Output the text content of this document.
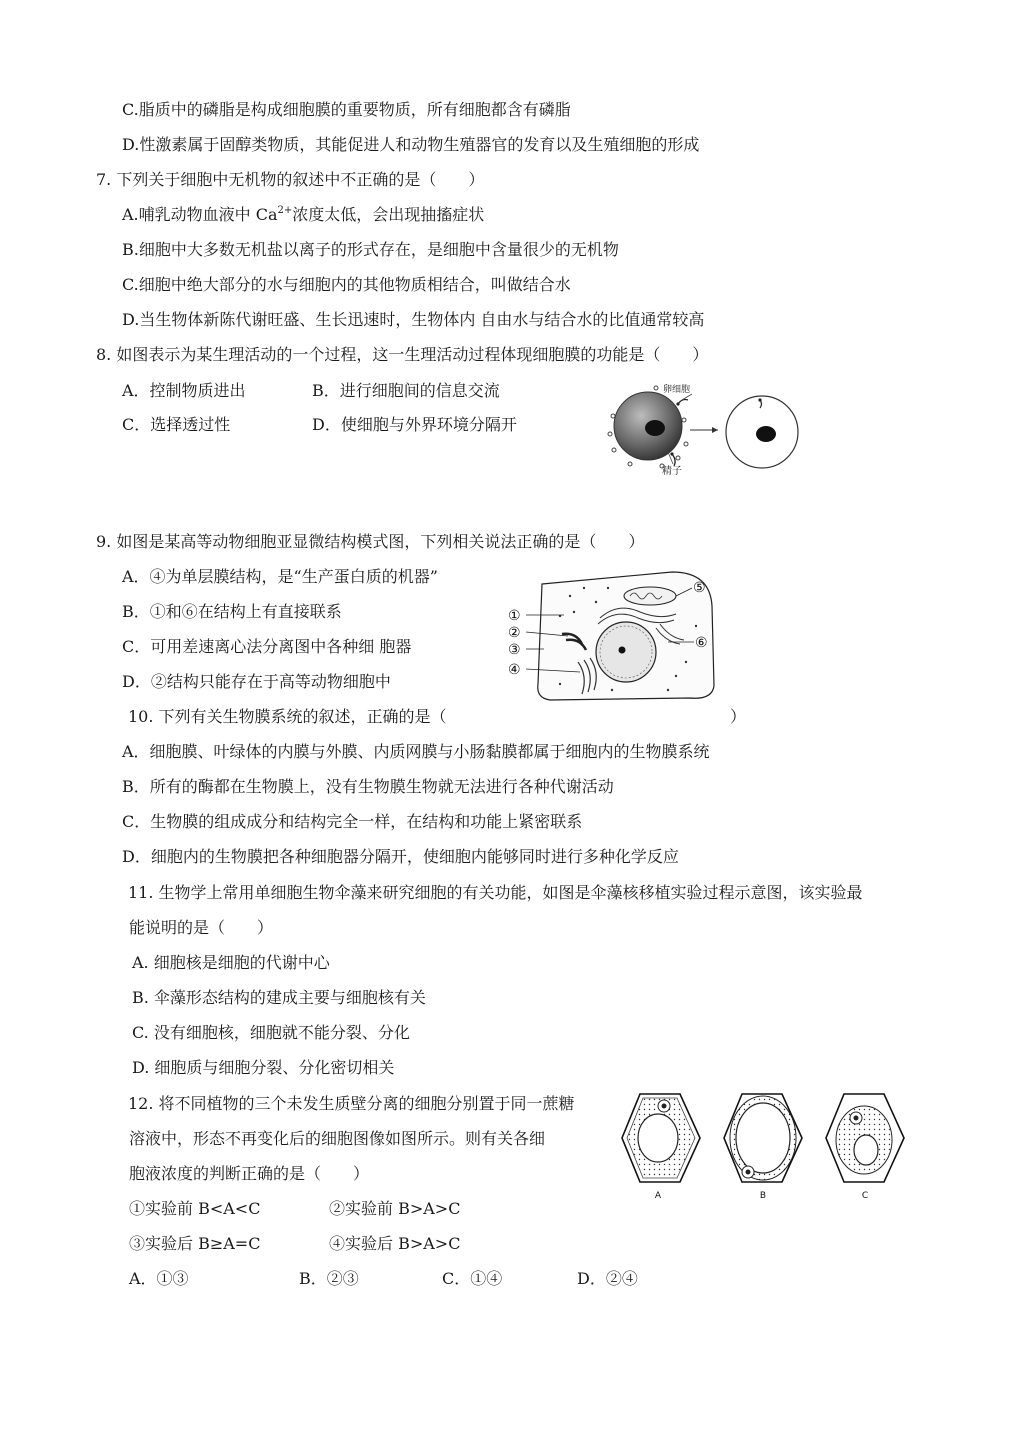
C.脂质中的磷脂是构成细胞膜的重要物质，所有细胞都含有磷脂
D.性激素属于固醇类物质，其能促进人和动物生殖器官的发育以及生殖细胞的形成
7. 下列关于细胞中无机物的叙述中不正确的是（　　）
A.哺乳动物血液中 $Ca^{2+}$浓度太低，会出现抽搐症状
B.细胞中大多数无机盐以离子的形式存在，是细胞中含量很少的无机物
C.细胞中绝大部分的水与细胞内的其他物质相结合，叫做结合水
D.当生物体新陈代谢旺盛、生长迅速时，生物体内 自由水与结合水的比值通常较高
8. 如图表示为某生理活动的一个过程，这一生理活动过程体现细胞膜的功能是（　　）
A．控制物质进出	B．进行细胞间的信息交流
C．选择透过性	D．使细胞与外界环境分隔开
卵细胞
精子
9. 如图是某高等动物细胞亚显微结构模式图，下列相关说法正确的是（　　）
A．④为单层膜结构，是“生产蛋白质的机器”
B．①和⑥在结构上有直接联系
C．可用差速离心法分离图中各种细 胞器
D．②结构只能存在于高等动物细胞中
①
②
③
④
⑤
⑥
10. 下列有关生物膜系统的叙述，正确的是（	）
A．细胞膜、叶绿体的内膜与外膜、内质网膜与小肠黏膜都属于细胞内的生物膜系统
B．所有的酶都在生物膜上，没有生物膜生物就无法进行各种代谢活动
C．生物膜的组成成分和结构完全一样，在结构和功能上紧密联系
D．细胞内的生物膜把各种细胞器分隔开，使细胞内能够同时进行多种化学反应
11. 生物学上常用单细胞生物伞藻来研究细胞的有关功能，如图是伞藻核移植实验过程示意图，该实验最
能说明的是（　　）
A. 细胞核是细胞的代谢中心
B. 伞藻形态结构的建成主要与细胞核有关
C. 没有细胞核，细胞就不能分裂、分化
D. 细胞质与细胞分裂、分化密切相关
12. 将不同植物的三个未发生质壁分离的细胞分别置于同一蔗糖
溶液中，形态不再变化后的细胞图像如图所示。则有关各细
胞液浓度的判断正确的是（　　）
①实验前 B<A<C	②实验前 B>A>C
③实验后 B≥A=C	④实验后 B>A>C
A．①③	B．②③	C．①④	D．②④
A	B	C
